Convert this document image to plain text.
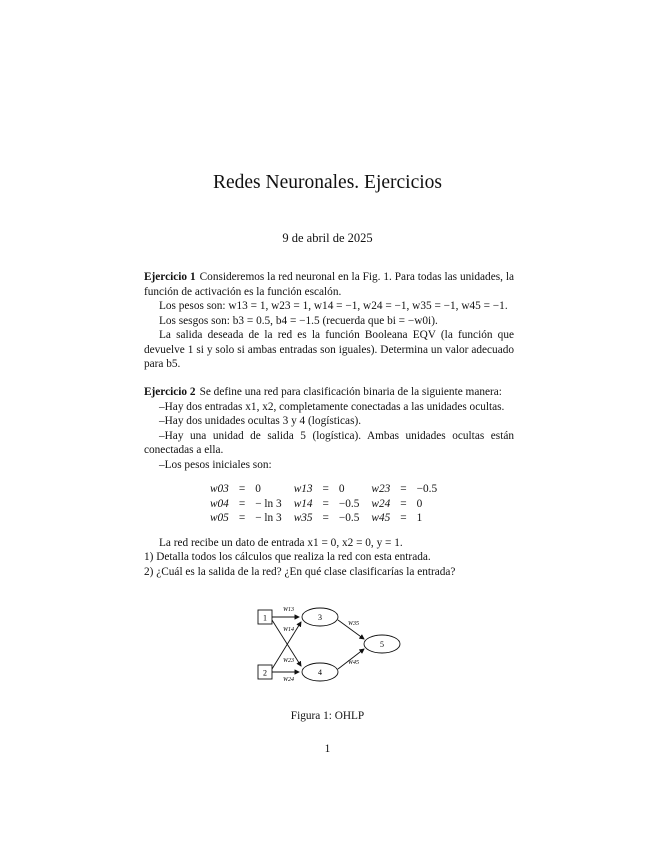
Redes Neuronales. Ejercicios
9 de abril de 2025

Ejercicio 1 Consideremos la red neuronal en la Fig. 1. Para todas las unidades, la función de activación es la función escalón.

Los pesos son: w13 = 1, w23 = 1, w14 = −1, w24 = −1, w35 = −1, w45 = −1.

Los sesgos son: b3 = 0.5, b4 = −1.5 (recuerda que bi = −w0i).

La salida deseada de la red es la función Booleana EQV (la función que devuelve 1 si y solo si ambas entradas son iguales). Determina un valor adecuado para b5.

Ejercicio 2 Se define una red para clasificación binaria de la siguiente manera:

–Hay dos entradas x1, x2, completamente conectadas a las unidades ocultas.

–Hay dos unidades ocultas 3 y 4 (logísticas).

–Hay una unidad de salida 5 (logística). Ambas unidades ocultas están conectadas a ella.

–Los pesos iniciales son:

w03	=	0	w13	=	0	w23	=	−0.5
w04	=	− ln 3	w14	=	−0.5	w24	=	0
w05	=	− ln 3	w35	=	−0.5	w45	=	1

La red recibe un dato de entrada x1 = 0, x2 = 0, y = 1.

1) Detalla todos los cálculos que realiza la red con esta entrada.

2) ¿Cuál es la salida de la red? ¿En qué clase clasificarías la entrada?

1
2
3
4
5
W13
W14
W23
W24
W35
W45
Figura 1: OHLP
1
